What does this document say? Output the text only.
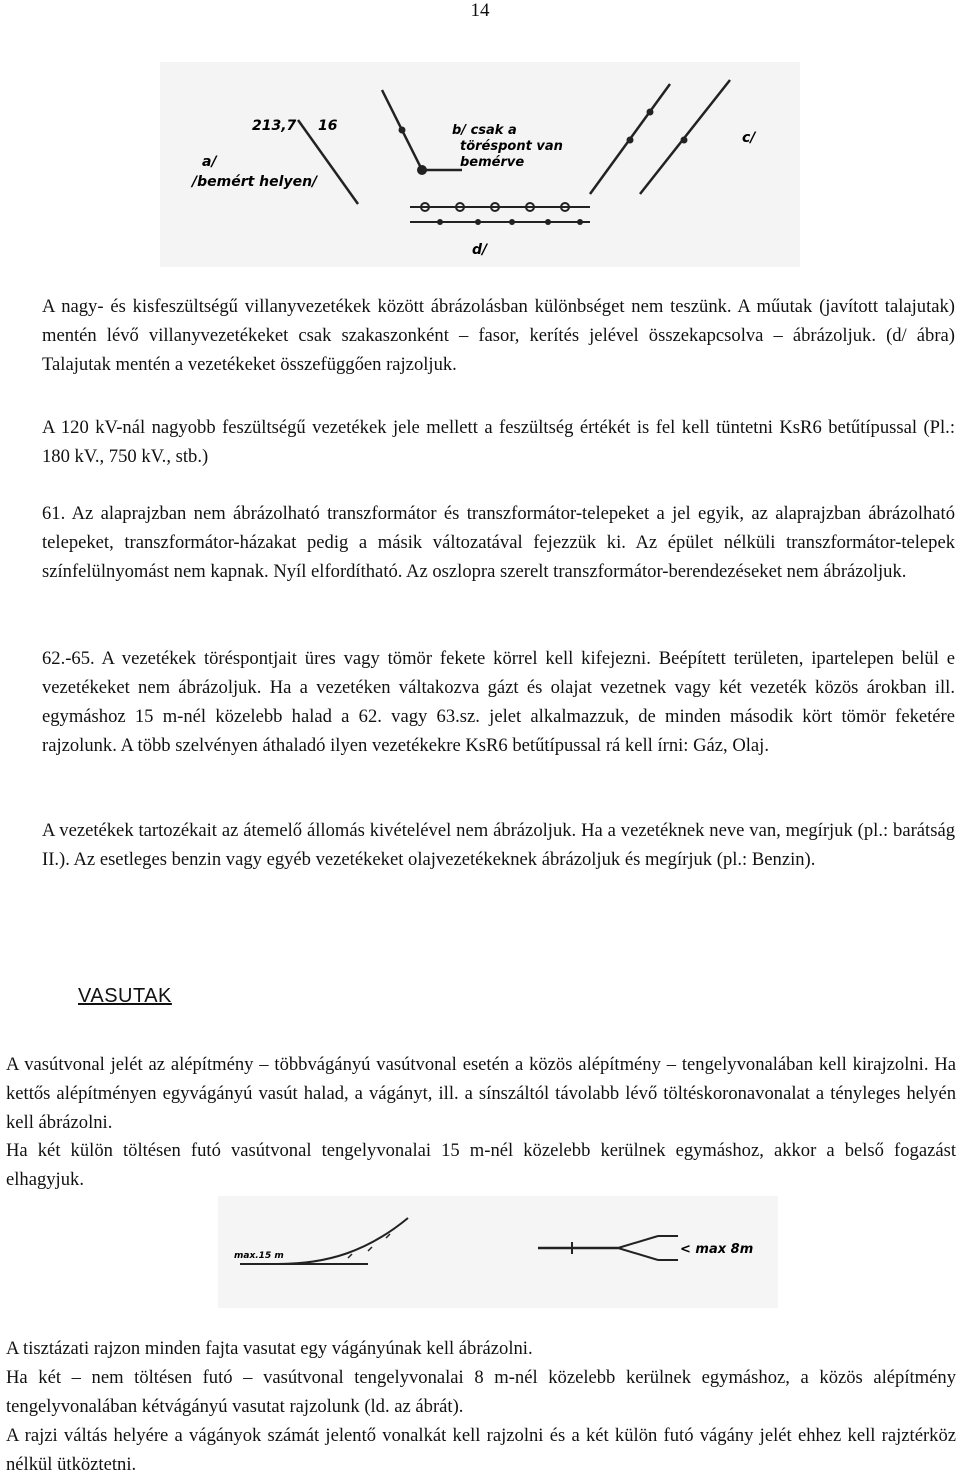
14
a/
/bemért helyen/
213,7 16	b/ csak a
töréspont van
bemérve
c/
d/

A nagy- és kisfeszültségű villanyvezetékek között ábrázolásban különbséget nem teszünk. A műutak (javított talajutak) mentén lévő villanyvezetékeket csak szakaszonként – fasor, kerítés jelével összekapcsolva – ábrázoljuk. (d/ ábra) Talajutak mentén a vezetékeket összefüggően rajzoljuk.

A 120 kV-nál nagyobb feszültségű vezetékek jele mellett a feszültség értékét is fel kell tüntetni KsR6 betűtípussal (Pl.: 180 kV., 750 kV., stb.)

61. Az alaprajzban nem ábrázolható transzformátor és transzformátor-telepeket a jel egyik, az alaprajzban ábrázolható telepeket, transzformátor-házakat pedig a másik változatával fejezzük ki. Az épület nélküli transzformátor-telepek színfelülnyomást nem kapnak. Nyíl elfordítható. Az oszlopra szerelt transzformátor-berendezéseket nem ábrázoljuk.

62.-65. A vezetékek töréspontjait üres vagy tömör fekete körrel kell kifejezni. Beépített területen, ipartelepen belül e vezetékeket nem ábrázoljuk. Ha a vezetéken váltakozva gázt és olajat vezetnek vagy két vezeték közös árokban ill. egymáshoz 15 m-nél közelebb halad a 62. vagy 63.sz. jelet alkalmazzuk, de minden második kört tömör feketére rajzolunk. A több szelvényen áthaladó ilyen vezetékekre KsR6 betűtípussal rá kell írni: Gáz, Olaj.

A vezetékek tartozékait az átemelő állomás kivételével nem ábrázoljuk. Ha a vezetéknek neve van, megírjuk (pl.: barátság II.). Az esetleges benzin vagy egyéb vezetékeket olajvezetékeknek ábrázoljuk és megírjuk (pl.: Benzin).

VASUTAK

A vasútvonal jelét az alépítmény – többvágányú vasútvonal esetén a közös alépítmény – tengelyvonalában kell kirajzolni. Ha kettős alépítményen egyvágányú vasút halad, a vágányt, ill. a sínszáltól távolabb lévő töltéskoronavonalat a tényleges helyén kell ábrázolni.

Ha két külön töltésen futó vasútvonal tengelyvonalai 15 m-nél közelebb kerülnek egymáshoz, akkor a belső fogazást elhagyjuk.

max.15 m	< max 8m
A tisztázati rajzon minden fajta vasutat egy vágányúnak kell ábrázolni.
Ha két – nem töltésen futó – vasútvonal tengelyvonalai 8 m-nél közelebb kerülnek egymáshoz, a közös alépítmény tengelyvonalában kétvágányú vasutat rajzolunk (ld. az ábrát).
A rajzi váltás helyére a vágányok számát jelentő vonalkát kell rajzolni és a két külön futó vágány jelét ehhez kell rajztérköz nélkül ütköztetni.
